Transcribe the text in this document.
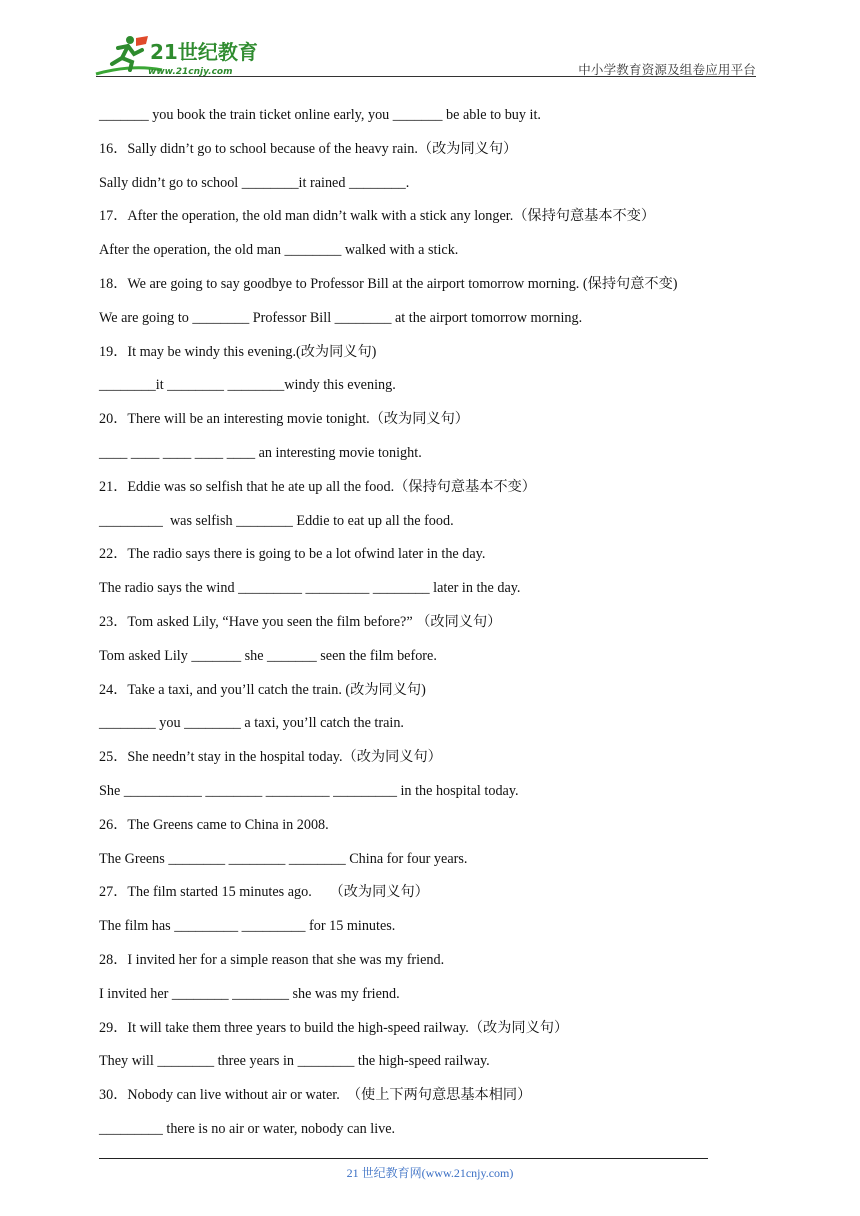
21世纪教育
www.21cnjy.com	中小学教育资源及组卷应用平台
_______ you book the train ticket online early, you _______ be able to buy it.
16．Sally didn’t go to school because of the heavy rain.（改为同义句）
Sally didn’t go to school ________it rained ________.
17．After the operation, the old man didn’t walk with a stick any longer.（保持句意基本不变）
After the operation, the old man ________ walked with a stick.
18．We are going to say goodbye to Professor Bill at the airport tomorrow morning. (保持句意不变)
We are going to ________ Professor Bill ________ at the airport tomorrow morning.
19．It may be windy this evening.(改为同义句)
________it ________ ________windy this evening.
20．There will be an interesting movie tonight.（改为同义句）
____ ____ ____ ____ ____ an interesting movie tonight.
21．Eddie was so selfish that he ate up all the food.（保持句意基本不变）
_________  was selfish ________ Eddie to eat up all the food.
22．The radio says there is going to be a lot ofwind later in the day.
The radio says the wind _________ _________ ________ later in the day.
23．Tom asked Lily, “Have you seen the film before?” （改同义句）
Tom asked Lily _______ she _______ seen the film before.
24．Take a taxi, and you’ll catch the train. (改为同义句)
________ you ________ a taxi, you’ll catch the train.
25．She needn’t stay in the hospital today.（改为同义句）
She ___________ ________ _________ _________ in the hospital today.
26．The Greens came to China in 2008.
The Greens ________ ________ ________ China for four years.
27．The film started 15 minutes ago.     （改为同义句）
The film has _________ _________ for 15 minutes.
28．I invited her for a simple reason that she was my friend.
I invited her ________ ________ she was my friend.
29．It will take them three years to build the high-speed railway.（改为同义句）
They will ________ three years in ________ the high-speed railway.
30．Nobody can live without air or water.  （使上下两句意思基本相同）
_________ there is no air or water, nobody can live.
21 世纪教育网(www.21cnjy.com)
